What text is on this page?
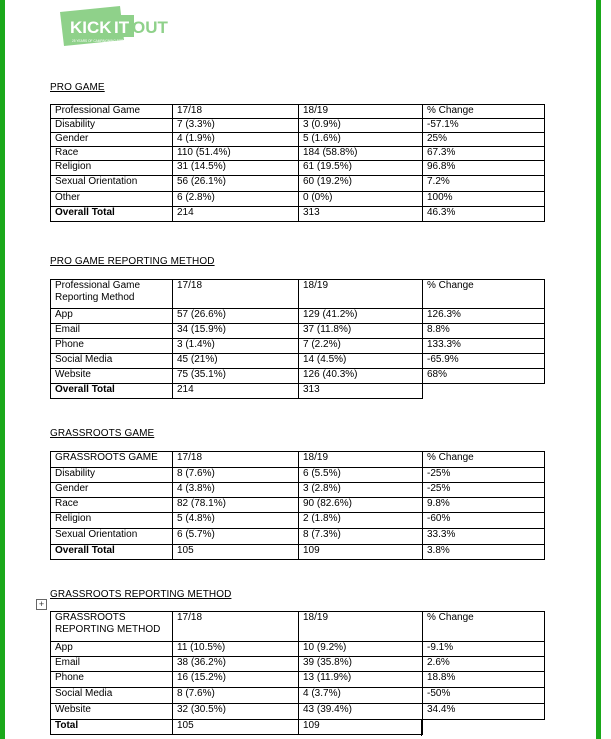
KICK IT OUT
25 YEARS OF CAMPAIGNING FOR EQUALITY IN FOOTBALL
PRO GAME
Professional Game	17/18	18/19	% Change
Disability	7 (3.3%)	3 (0.9%)	-57.1%
Gender	4 (1.9%)	5 (1.6%)	25%
Race	110 (51.4%)	184 (58.8%)	67.3%
Religion	31 (14.5%)	61 (19.5%)	96.8%
Sexual Orientation	56 (26.1%)	60 (19.2%)	7.2%
Other	6 (2.8%)	0 (0%)	100%
Overall Total	214	313	46.3%
PRO GAME REPORTING METHOD
Professional Game Reporting Method	17/18	18/19	% Change
App	57 (26.6%)	129 (41.2%)	126.3%
Email	34 (15.9%)	37 (11.8%)	8.8%
Phone	3 (1.4%)	7 (2.2%)	133.3%
Social Media	45 (21%)	14 (4.5%)	-65.9%
Website	75 (35.1%)	126 (40.3%)	68%
Overall Total	214	313	
GRASSROOTS GAME
GRASSROOTS GAME	17/18	18/19	% Change
Disability	8 (7.6%)	6 (5.5%)	-25%
Gender	4 (3.8%)	3 (2.8%)	-25%
Race	82 (78.1%)	90 (82.6%)	9.8%
Religion	5 (4.8%)	2 (1.8%)	-60%
Sexual Orientation	6 (5.7%)	8 (7.3%)	33.3%
Overall Total	105	109	3.8%
+
GRASSROOTS REPORTING METHOD
GRASSROOTS REPORTING METHOD	17/18	18/19	% Change
App	11 (10.5%)	10 (9.2%)	-9.1%
Email	38 (36.2%)	39 (35.8%)	2.6%
Phone	16 (15.2%)	13 (11.9%)	18.8%
Social Media	8 (7.6%)	4 (3.7%)	-50%
Website	32 (30.5%)	43 (39.4%)	34.4%
Total	105	109	
